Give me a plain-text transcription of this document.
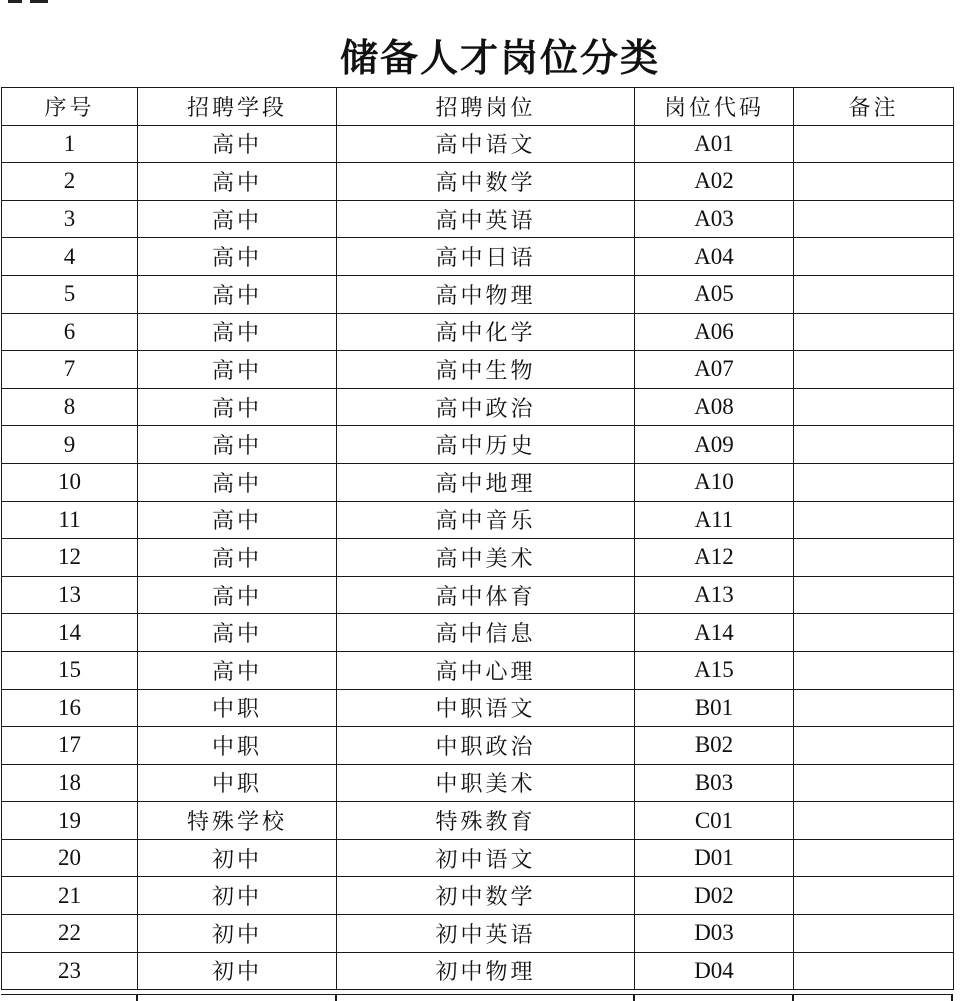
储备人才岗位分类
序号	招聘学段	招聘岗位	岗位代码	备注
1	高中	高中语文	A01	
2	高中	高中数学	A02	
3	高中	高中英语	A03	
4	高中	高中日语	A04	
5	高中	高中物理	A05	
6	高中	高中化学	A06	
7	高中	高中生物	A07	
8	高中	高中政治	A08	
9	高中	高中历史	A09	
10	高中	高中地理	A10	
11	高中	高中音乐	A11	
12	高中	高中美术	A12	
13	高中	高中体育	A13	
14	高中	高中信息	A14	
15	高中	高中心理	A15	
16	中职	中职语文	B01	
17	中职	中职政治	B02	
18	中职	中职美术	B03	
19	特殊学校	特殊教育	C01	
20	初中	初中语文	D01	
21	初中	初中数学	D02	
22	初中	初中英语	D03	
23	初中	初中物理	D04	
